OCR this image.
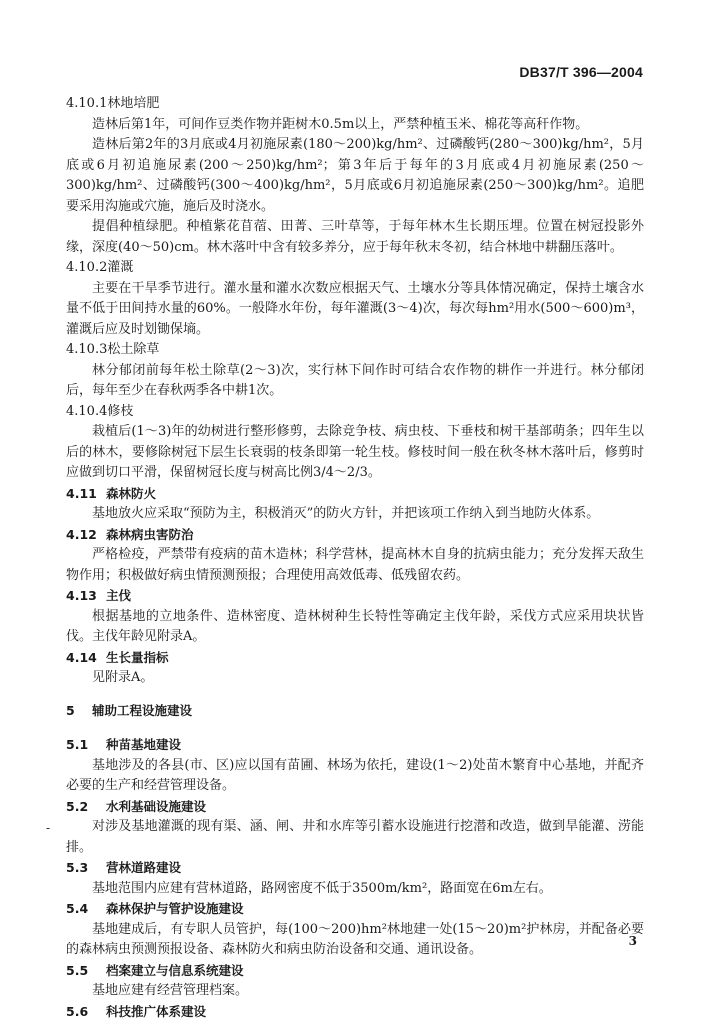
DB37/T 396—2004
4.10.1林地培肥

造林后第1年，可间作豆类作物并距树木0.5m以上，严禁种植玉米、棉花等高秆作物。

造林后第2年的3月底或4月初施尿素(180～200)kg/hm²、过磷酸钙(280～300)kg/hm²，5月底或6月初追施尿素(200～250)kg/hm²；第3年后于每年的3月底或4月初施尿素(250～300)kg/hm²、过磷酸钙(300～400)kg/hm²，5月底或6月初追施尿素(250～300)kg/hm²。追肥要采用沟施或穴施，施后及时浇水。

提倡种植绿肥。种植紫花苜蓿、田菁、三叶草等，于每年林木生长期压埋。位置在树冠投影外缘，深度(40～50)cm。林木落叶中含有较多养分，应于每年秋末冬初，结合林地中耕翻压落叶。

4.10.2灌溉

主要在干旱季节进行。灌水量和灌水次数应根据天气、土壤水分等具体情况确定，保持土壤含水量不低于田间持水量的60%。一般降水年份，每年灌溉(3～4)次，每次每hm²用水(500～600)m³，灌溉后应及时划锄保墒。

4.10.3松土除草

林分郁闭前每年松土除草(2～3)次，实行林下间作时可结合农作物的耕作一并进行。林分郁闭后，每年至少在春秋两季各中耕1次。

4.10.4修枝

栽植后(1～3)年的幼树进行整形修剪，去除竞争枝、病虫枝、下垂枝和树干基部萌条；四年生以后的林木，要修除树冠下层生长衰弱的枝条即第一轮生枝。修枝时间一般在秋冬林木落叶后，修剪时应做到切口平滑，保留树冠长度与树高比例3/4～2/3。

4.11 森林防火

基地放火应采取“预防为主，积极消灭”的防火方针，并把该项工作纳入到当地防火体系。

4.12 森林病虫害防治

严格检疫，严禁带有疫病的苗木造林；科学营林，提高林木自身的抗病虫能力；充分发挥天敌生物作用；积极做好病虫情预测预报；合理使用高效低毒、低残留农药。

4.13 主伐

根据基地的立地条件、造林密度、造林树种生长特性等确定主伐年龄，采伐方式应采用块状皆伐。主伐年龄见附录A。

4.14 生长量指标

见附录A。

5 辅助工程设施建设
5.1 种苗基地建设

基地涉及的各县(市、区)应以国有苗圃、林场为依托，建设(1～2)处苗木繁育中心基地，并配齐必要的生产和经营管理设备。

5.2 水利基础设施建设

对涉及基地灌溉的现有渠、涵、闸、井和水库等引蓄水设施进行挖潜和改造，做到旱能灌、涝能排。

5.3 营林道路建设

基地范围内应建有营林道路，路网密度不低于3500m/km²，路面宽在6m左右。

5.4 森林保护与管护设施建设

基地建成后，有专职人员管护，每(100～200)hm²林地建一处(15～20)m²护林房，并配备必要的森林病虫预测预报设备、森林防火和病虫防治设备和交通、通讯设备。

5.5 档案建立与信息系统建设

基地应建有经营管理档案。

5.6 科技推广体系建设
-
3
